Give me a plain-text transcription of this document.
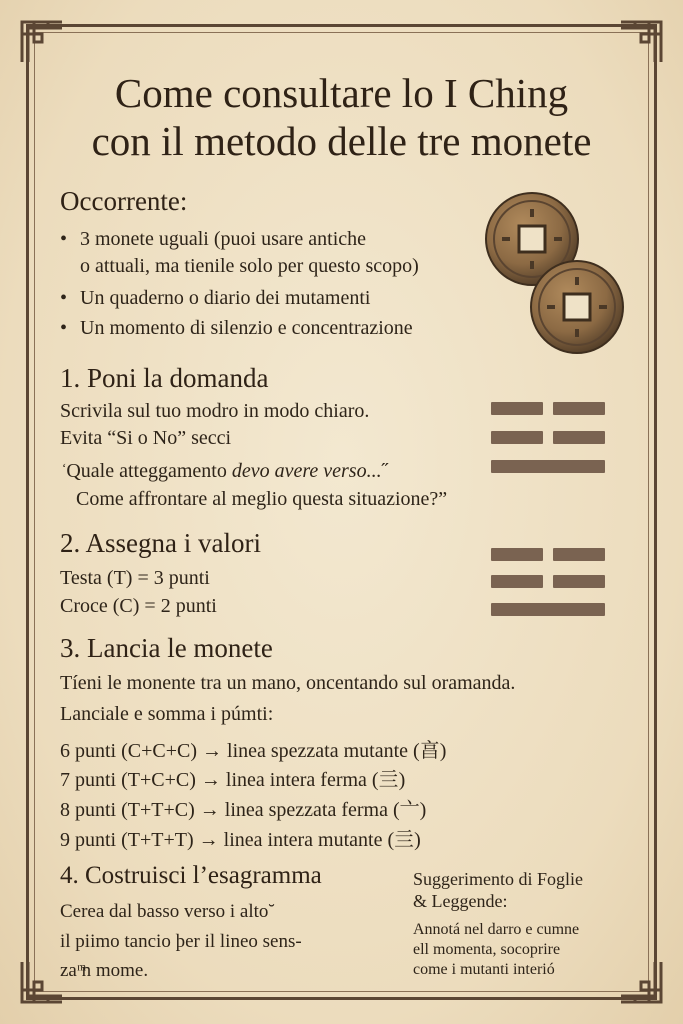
Come consultare lo I Ching
con il metodo delle tre monete
Occorrente:
• 3 monete uguali (puoi usare antiche
o attuali, ma tienile solo per questo scopo)
• Un quaderno o diario dei mutamenti
• Un momento di silenzio e concentrazione
1. Poni la domanda

Scrivila sul tuo modro in modo chiaro.

Evita “Si o No” secci

$^ʻ$Quale atteggamento devo avere verso...˝

Come affrontare al meglio questa situazione?”

2. Assegna i valori

Testa (T) = 3 punti

Croce (C) = 2 punti

3. Lancia le monete

Tíeni le monente tra un mano, oncentando sul oramanda.

Lanciale e somma i púmti:

6 punti (C+C+C) → linea spezzata mutante (亯)

7 punti (T+C+C) → linea intera ferma (亖)

8 punti (T+T+C) → linea spezzata ferma (亠)

9 punti (T+T+T) → linea intera mutante (亖)

4. Costruisci l’esagramma

Cerea dal basso verso i alto˘

il piimo tancio þer il lineo sens-

za ͫn mome.

Suggerimento di Foglie
& Leggende:
Annotá nel darro e cumne
ell momenta, socoprire
come i mutanti interió
